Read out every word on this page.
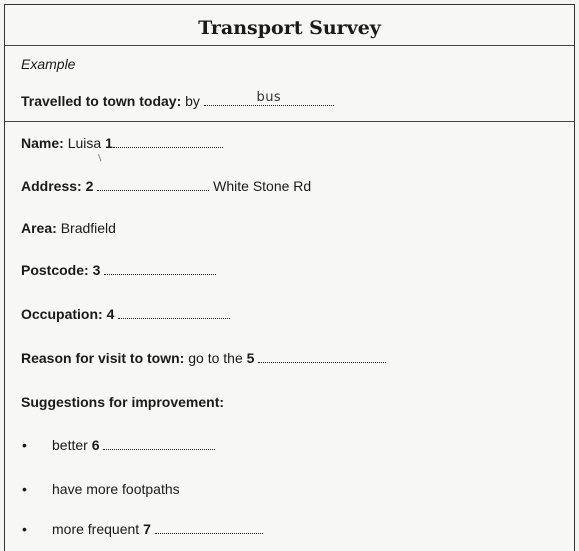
Transport Survey
Example
Travelled to town today: by	bus
Name: Luisa 1
/
Address: 2	White Stone Rd
Area: Bradfield
Postcode: 3
Occupation: 4
Reason for visit to town: go to the 5
Suggestions for improvement:
• better 6
• have more footpaths
• more frequent 7
